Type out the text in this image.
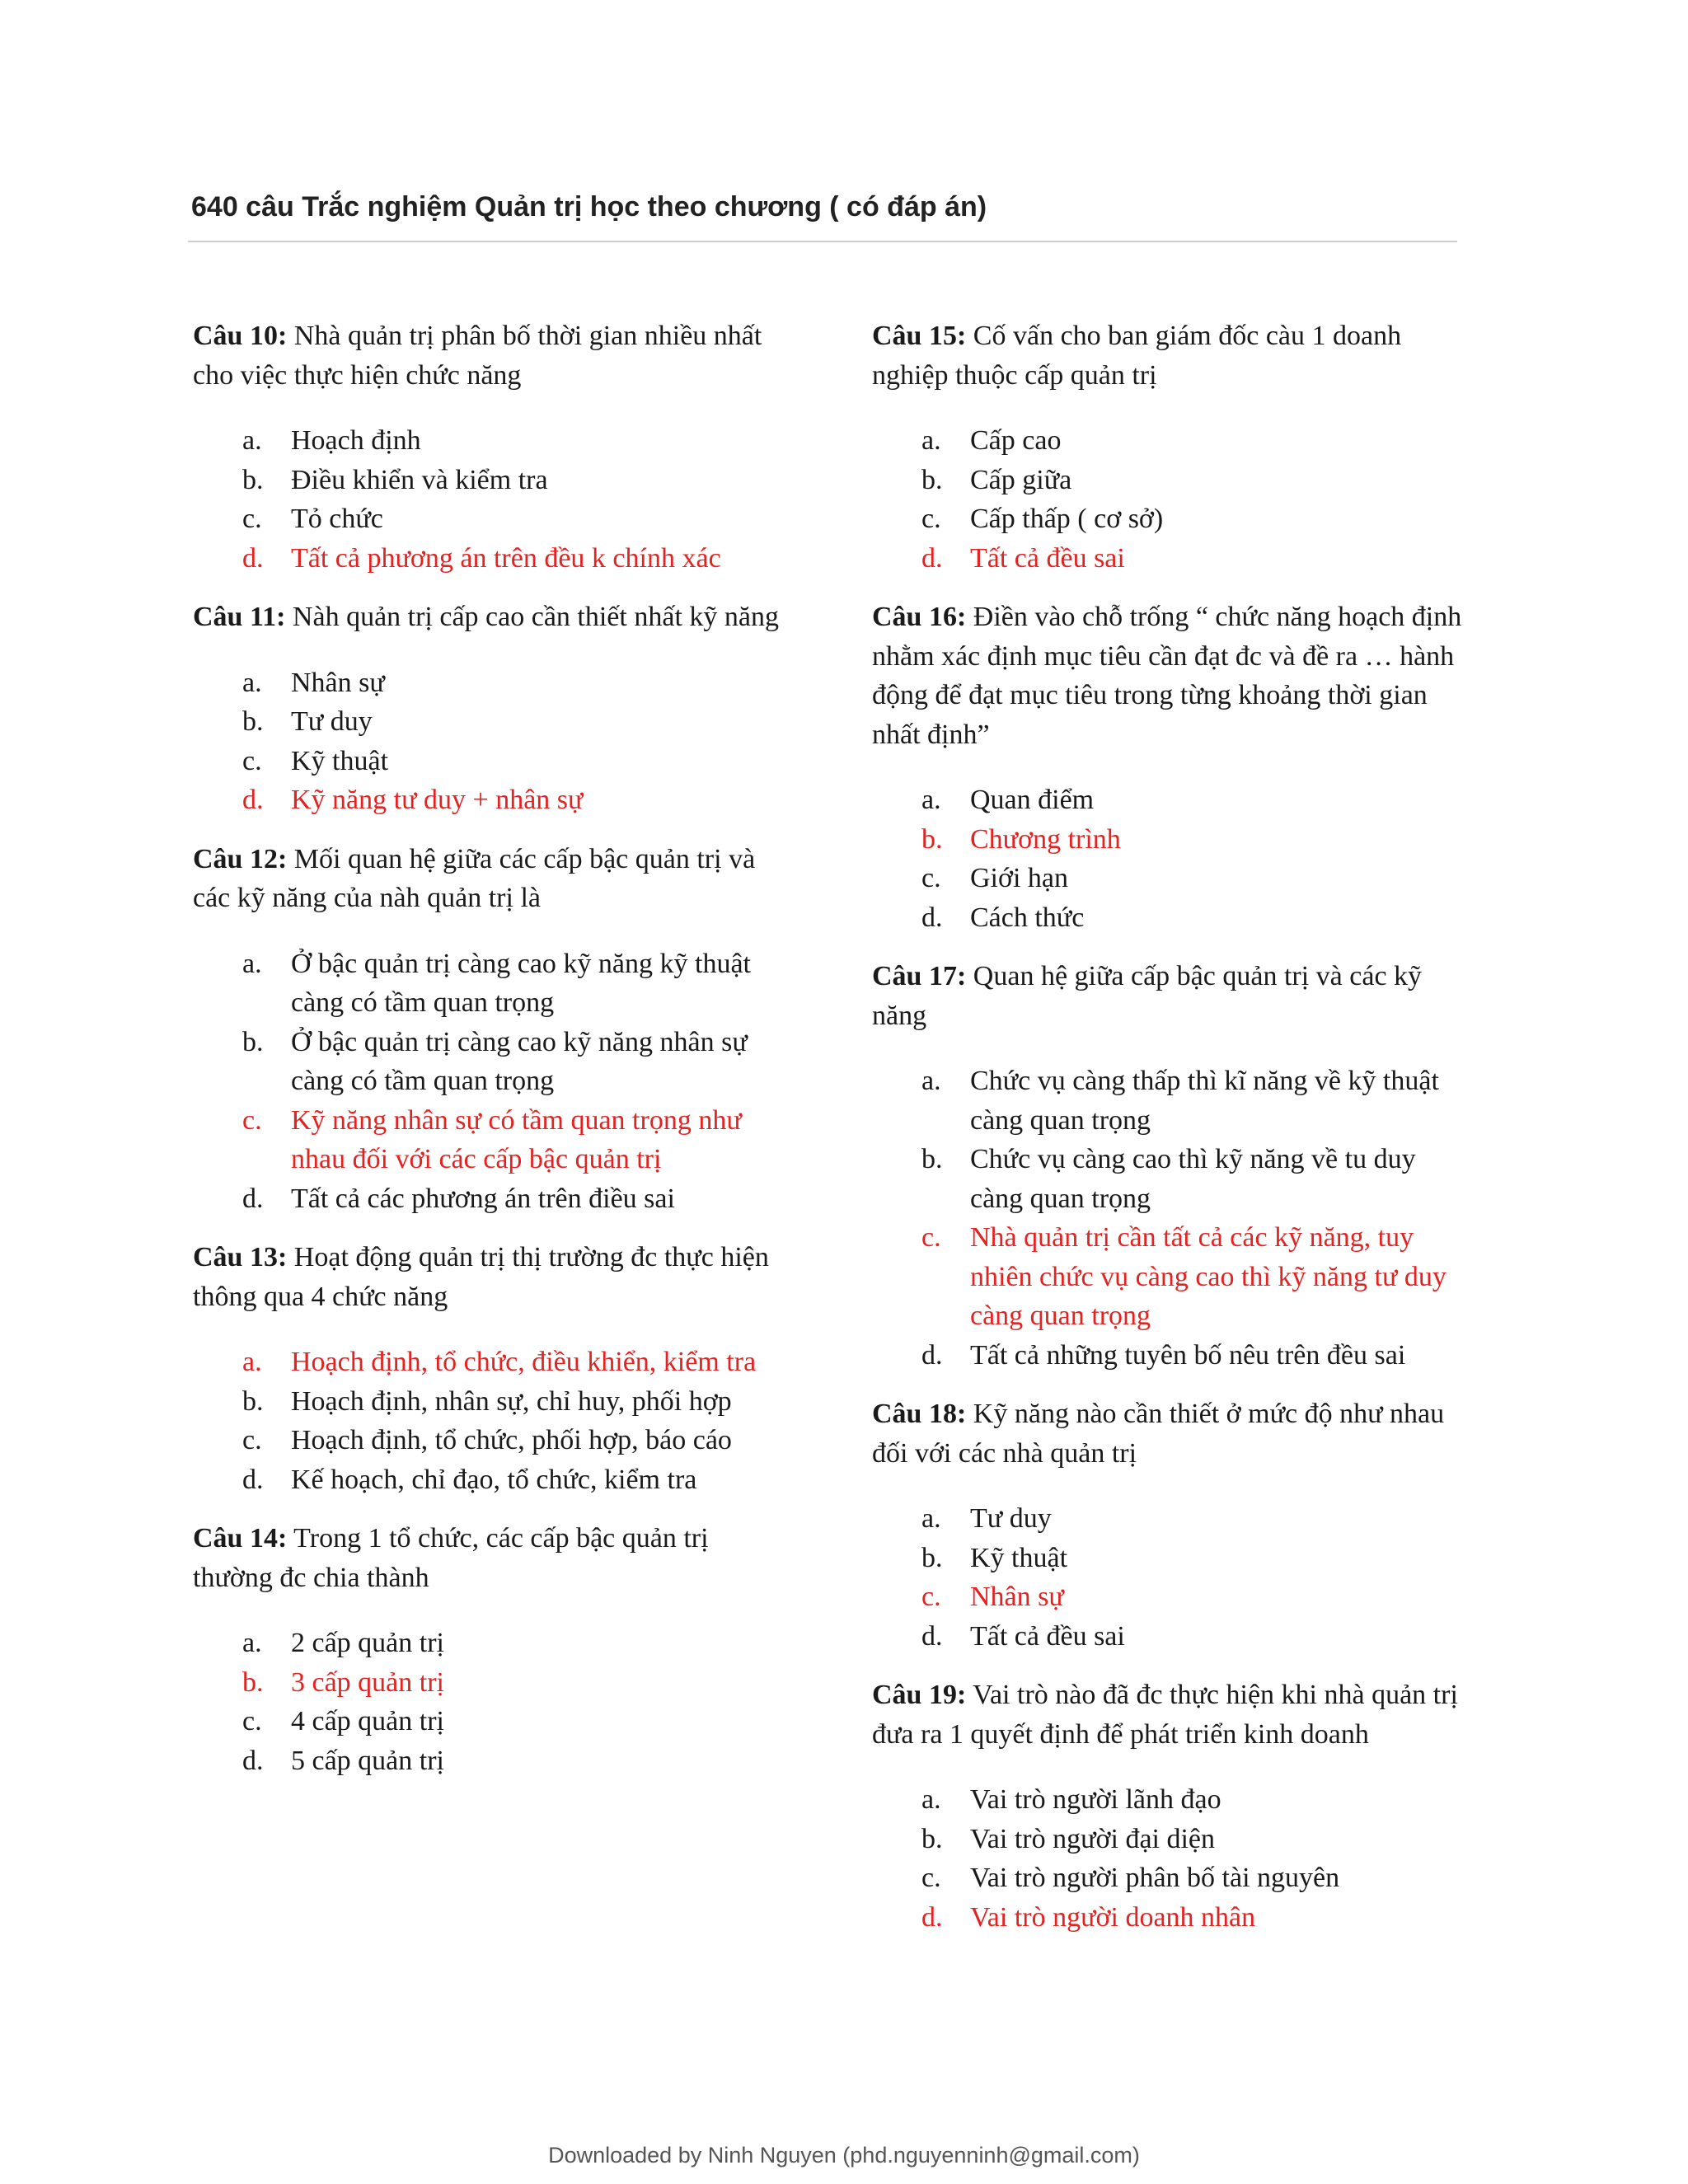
640 câu Trắc nghiệm Quản trị học theo chương ( có đáp án)

Câu 10: Nhà quản trị phân bố thời gian nhiều nhất cho việc thực hiện chức năng

a. Hoạch định
b. Điều khiển và kiểm tra
c. Tỏ chức
d. Tất cả phương án trên đều k chính xác

Câu 11: Nàh quản trị cấp cao cần thiết nhất kỹ năng

a. Nhân sự
b. Tư duy
c. Kỹ thuật
d. Kỹ năng tư duy + nhân sự

Câu 12: Mối quan hệ giữa các cấp bậc quản trị và các kỹ năng của nàh quản trị là

a. Ở bậc quản trị càng cao kỹ năng kỹ thuật càng có tầm quan trọng
b. Ở bậc quản trị càng cao kỹ năng nhân sự càng có tầm quan trọng
c. Kỹ năng nhân sự có tầm quan trọng như nhau đối với các cấp bậc quản trị
d. Tất cả các phương án trên điều sai

Câu 13: Hoạt động quản trị thị trường đc thực hiện thông qua 4 chức năng

a. Hoạch định, tổ chức, điều khiển, kiểm tra
b. Hoạch định, nhân sự, chỉ huy, phối hợp
c. Hoạch định, tổ chức, phối hợp, báo cáo
d. Kế hoạch, chỉ đạo, tổ chức, kiểm tra

Câu 14: Trong 1 tổ chức, các cấp bậc quản trị thường đc chia thành

a. 2 cấp quản trị
b. 3 cấp quản trị
c. 4 cấp quản trị
d. 5 cấp quản trị

Câu 15: Cố vấn cho ban giám đốc càu 1 doanh nghiệp thuộc cấp quản trị

a. Cấp cao
b. Cấp giữa
c. Cấp thấp ( cơ sở)
d. Tất cả đều sai

Câu 16: Điền vào chỗ trống “ chức năng hoạch định nhằm xác định mục tiêu cần đạt đc và đề ra … hành động để đạt mục tiêu trong từng khoảng thời gian nhất định”

a. Quan điểm
b. Chương trình
c. Giới hạn
d. Cách thức

Câu 17: Quan hệ giữa cấp bậc quản trị và các kỹ năng

a. Chức vụ càng thấp thì kĩ năng về kỹ thuật càng quan trọng
b. Chức vụ càng cao thì kỹ năng về tu duy càng quan trọng
c. Nhà quản trị cần tất cả các kỹ năng, tuy nhiên chức vụ càng cao thì kỹ năng tư duy càng quan trọng
d. Tất cả những tuyên bố nêu trên đều sai

Câu 18: Kỹ năng nào cần thiết ở mức độ như nhau đối với các nhà quản trị

a. Tư duy
b. Kỹ thuật
c. Nhân sự
d. Tất cả đều sai

Câu 19: Vai trò nào đã đc thực hiện khi nhà quản trị đưa ra 1 quyết định để phát triển kinh doanh

a. Vai trò người lãnh đạo
b. Vai trò người đại diện
c. Vai trò người phân bố tài nguyên
d. Vai trò người doanh nhân
Downloaded by Ninh Nguyen (phd.nguyenninh@gmail.com)
